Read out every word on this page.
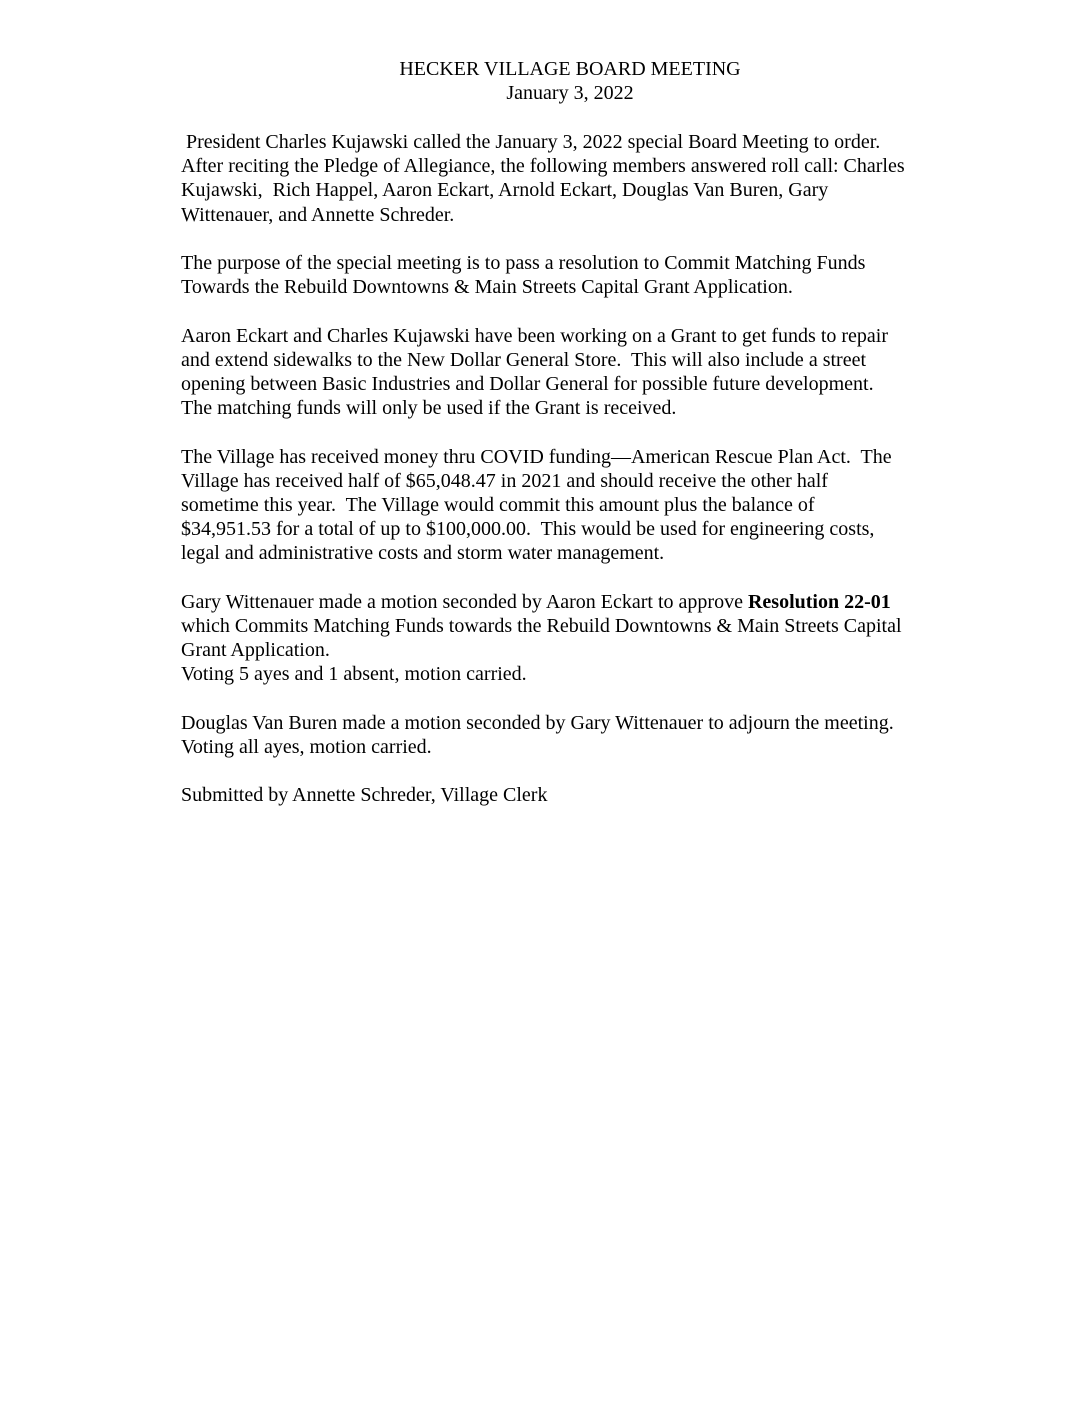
HECKER VILLAGE BOARD MEETING
January 3, 2022
President Charles Kujawski called the January 3, 2022 special Board Meeting to order.
After reciting the Pledge of Allegiance, the following members answered roll call: Charles
Kujawski,  Rich Happel, Aaron Eckart, Arnold Eckart, Douglas Van Buren, Gary
Wittenauer, and Annette Schreder.
The purpose of the special meeting is to pass a resolution to Commit Matching Funds
Towards the Rebuild Downtowns & Main Streets Capital Grant Application.
Aaron Eckart and Charles Kujawski have been working on a Grant to get funds to repair
and extend sidewalks to the New Dollar General Store.  This will also include a street
opening between Basic Industries and Dollar General for possible future development.
The matching funds will only be used if the Grant is received.
The Village has received money thru COVID funding—American Rescue Plan Act.  The
Village has received half of $65,048.47 in 2021 and should receive the other half
sometime this year.  The Village would commit this amount plus the balance of
$34,951.53 for a total of up to $100,000.00.  This would be used for engineering costs,
legal and administrative costs and storm water management.
Gary Wittenauer made a motion seconded by Aaron Eckart to approve Resolution 22-01
which Commits Matching Funds towards the Rebuild Downtowns & Main Streets Capital
Grant Application.
Voting 5 ayes and 1 absent, motion carried.
Douglas Van Buren made a motion seconded by Gary Wittenauer to adjourn the meeting.
Voting all ayes, motion carried.
Submitted by Annette Schreder, Village Clerk
